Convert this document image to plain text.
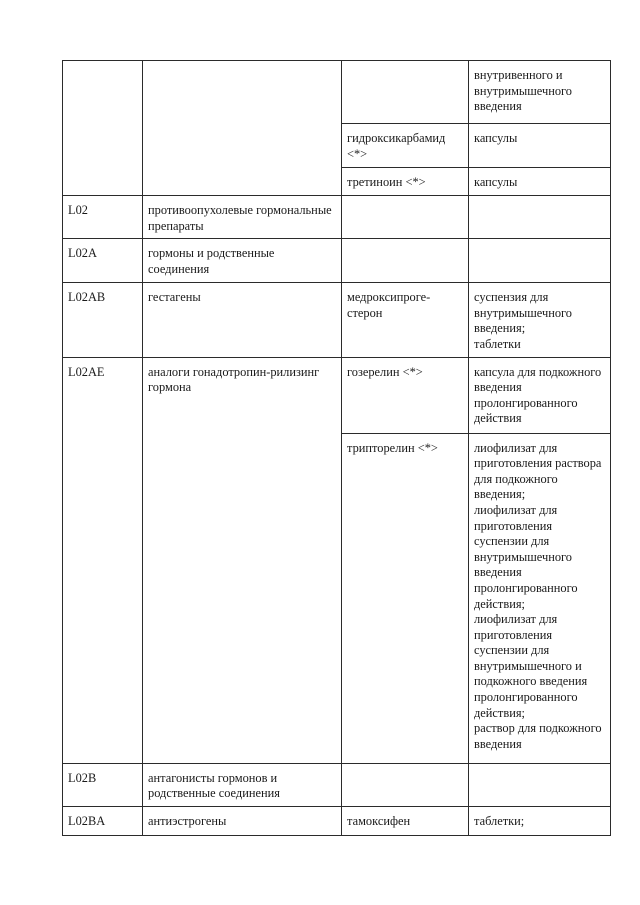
			внутривенного и внутримышечного введения
		гидроксикарбамид <*>	капсулы
		третиноин <*>	капсулы
L02	противоопухолевые гормональные препараты		
L02A	гормоны и родственные соединения		
L02AB	гестагены	медроксипроге-стерон	суспензия для внутримышечного введения;
таблетки
L02AE	аналоги гонадотропин-рилизинг гормона	гозерелин <*>	капсула для подкожного введения пролонгированного действия
		трипторелин <*>	лиофилизат для приготовления раствора для подкожного введения;
лиофилизат для приготовления суспензии для внутримышечного введения пролонгированного действия;
лиофилизат для приготовления суспензии для внутримышечного и подкожного введения пролонгированного действия;
раствор для подкожного введения
L02B	антагонисты гормонов и родственные соединения		
L02BA	антиэстрогены	тамоксифен	таблетки;
